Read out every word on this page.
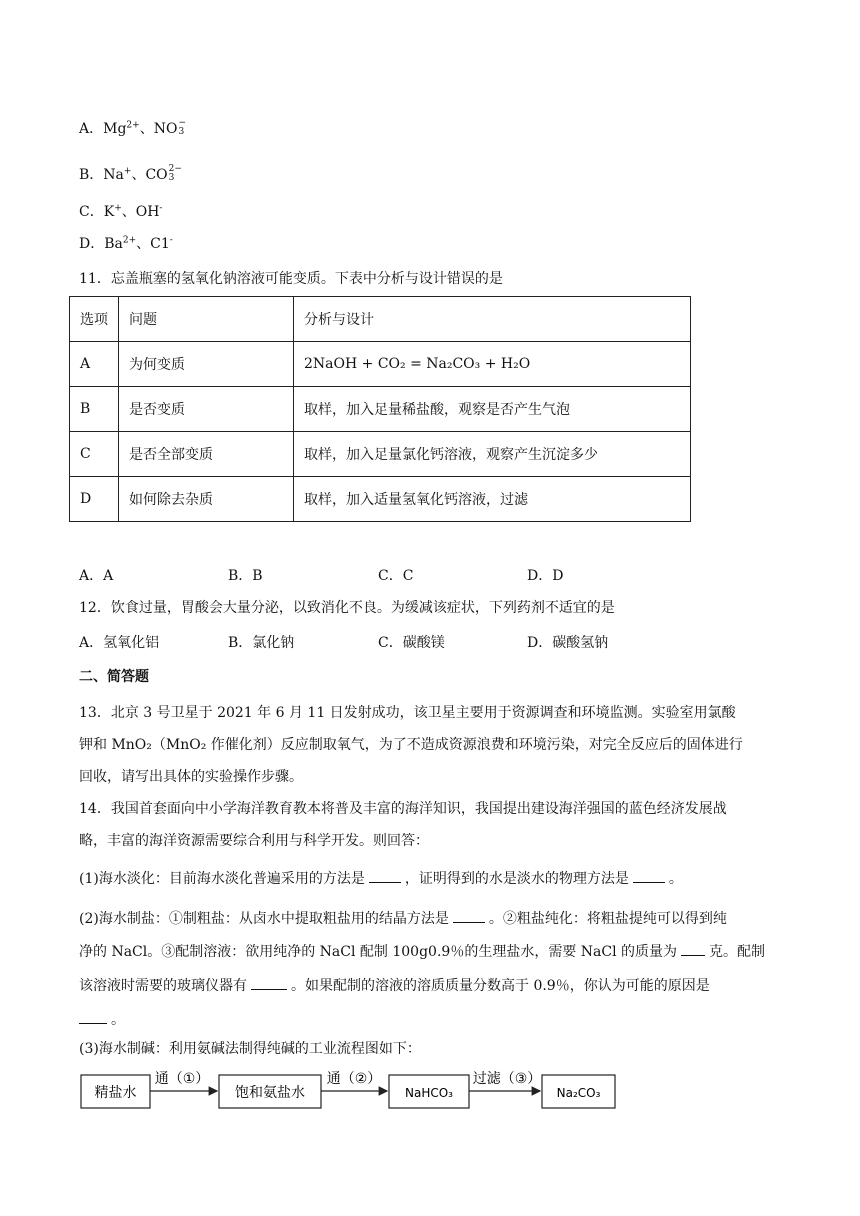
A．$Mg^{2+}$、NO −
3
B．Na+、CO 2−
3
C．K+、OH-
D．$Ba^{2+}$、C1-
11．忘盖瓶塞的氢氧化钠溶液可能变质。下表中分析与设计错误的是
选项	问题	分析与设计
A	为何变质	2NaOH + CO₂ = Na₂CO₃ + H₂O
B	是否变质	取样，加入足量稀盐酸，观察是否产生气泡
C	是否全部变质	取样，加入足量氯化钙溶液，观察产生沉淀多少
D	如何除去杂质	取样，加入适量氢氧化钙溶液，过滤
A．A	B．B	C．C	D．D
12．饮食过量，胃酸会大量分泌，以致消化不良。为缓减该症状，下列药剂不适宜的是
A．氢氧化铝	B．氯化钠	C．碳酸镁	D．碳酸氢钠
二、简答题
13．北京 3 号卫星于 2021 年 6 月 11 日发射成功，该卫星主要用于资源调查和环境监测。实验室用氯酸
钾和 MnO₂（MnO₂ 作催化剂）反应制取氧气，为了不造成资源浪费和环境污染，对完全反应后的固体进行
回收，请写出具体的实验操作步骤。
14．我国首套面向中小学海洋教育教本将普及丰富的海洋知识，我国提出建设海洋强国的蓝色经济发展战
略，丰富的海洋资源需要综合利用与科学开发。则回答：
(1)海水淡化：目前海水淡化普遍采用的方法是	，证明得到的水是淡水的物理方法是	。
(2)海水制盐：①制粗盐：从卤水中提取粗盐用的结晶方法是	。②粗盐纯化：将粗盐提纯可以得到纯
净的 NaCl。③配制溶液：欲用纯净的 NaCl 配制 100g0.9％的生理盐水，需要 NaCl 的质量为 克。配制
该溶液时需要的玻璃仪器有	。如果配制的溶液的溶质质量分数高于 0.9％，你认为可能的原因是
。
(3)海水制碱：利用氨碱法制得纯碱的工业流程图如下：
精盐水	饱和氨盐水	NaHCO₃	Na₂CO₃
通（①）	通（②）	过滤（③）
